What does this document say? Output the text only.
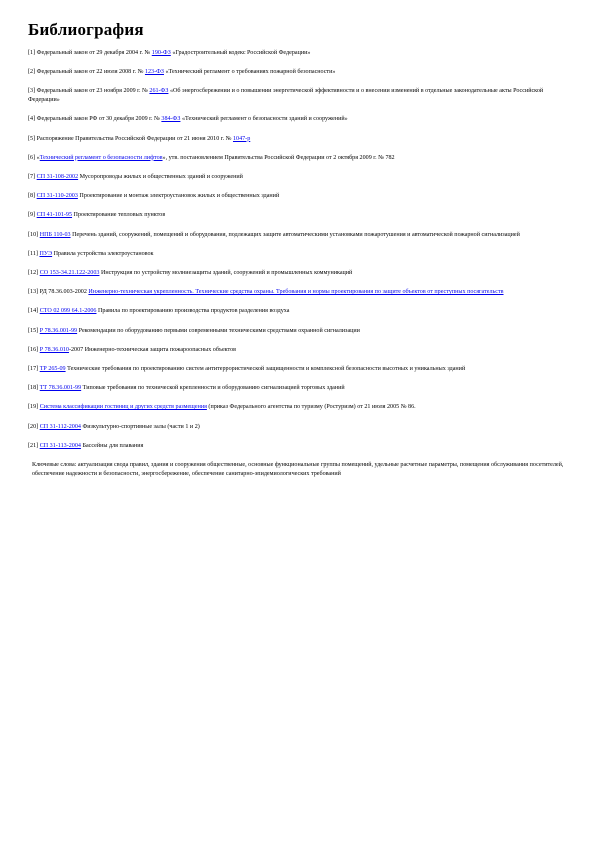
Библиография

[1] Федеральный закон от 29 декабря 2004 г. № 190-ФЗ «Градостроительный кодекс Российской Федерации»

[2] Федеральный закон от 22 июля 2008 г. № 123-ФЗ «Технический регламент о требованиях пожарной безопасности»

[3] Федеральный закон от 23 ноября 2009 г. № 261-ФЗ «Об энергосбережении и о повышении энергетической эффективности и о внесении изменений в отдельные законодательные акты Российской Федерации»

[4] Федеральный закон РФ от 30 декабря 2009 г. № 384-ФЗ «Технический регламент о безопасности зданий и сооружений»

[5] Распоряжение Правительства Российской Федерации от 21 июня 2010 г. № 1047-р

[6] «Технический регламент о безопасности лифтов», утв. постановлением Правительства Российской Федерации от 2 октября 2009 г. № 782

[7] СП 31-108-2002 Мусоропроводы жилых и общественных зданий и сооружений

[8] СП 31-110-2003 Проектирование и монтаж электроустановок жилых и общественных зданий

[9] СП 41-101-95 Проектирование тепловых пунктов

[10] НПБ 110-03 Перечень зданий, сооружений, помещений и оборудования, подлежащих защите автоматическими установками пожаротушения и автоматической пожарной сигнализацией

[11] ПУЭ Правила устройства электроустановок

[12] СО 153-34.21.122-2003 Инструкция по устройству молниезащиты зданий, сооружений и промышленных коммуникаций

[13] РД 78.36.003-2002 Инженерно-техническая укрепленность. Технические средства охраны. Требования и нормы проектирования по защите объектов от преступных посягательств

[14] СТО 02 099 64.1-2006 Правила по проектированию производства продуктов разделения воздуха

[15] Р 78.36.001-99 Рекомендации по оборудованию первыми современными техническими средствами охранной сигнализации

[16] Р 78.36.010-2007 Инженерно-техническая защита пожароопасных объектов

[17] ТР 265-09 Технические требования по проектированию систем антитеррористической защищенности и комплексной безопасности высотных и уникальных зданий

[18] ТТ 78.36.001-99 Типовые требования по технической крепленности и оборудованию сигнализацией торговых зданий

[19] Система классификации гостиниц и других средств размещения (приказ Федерального агентства по туризму (Ростуризм) от 21 июля 2005 № 86.

[20] СП 31-112-2004 Физкультурно-спортивные залы (части 1 и 2)

[21] СП 31-113-2004 Бассейны для плавания

Ключевые слова: актуализация свода правил, здания и сооружения общественные, основные функциональные группы помещений, удельные расчетные параметры, помещения обслуживания посетителей, обеспечение надежности и безопасности, энергосбережение, обеспечение санитарно-эпидемиологических требований
